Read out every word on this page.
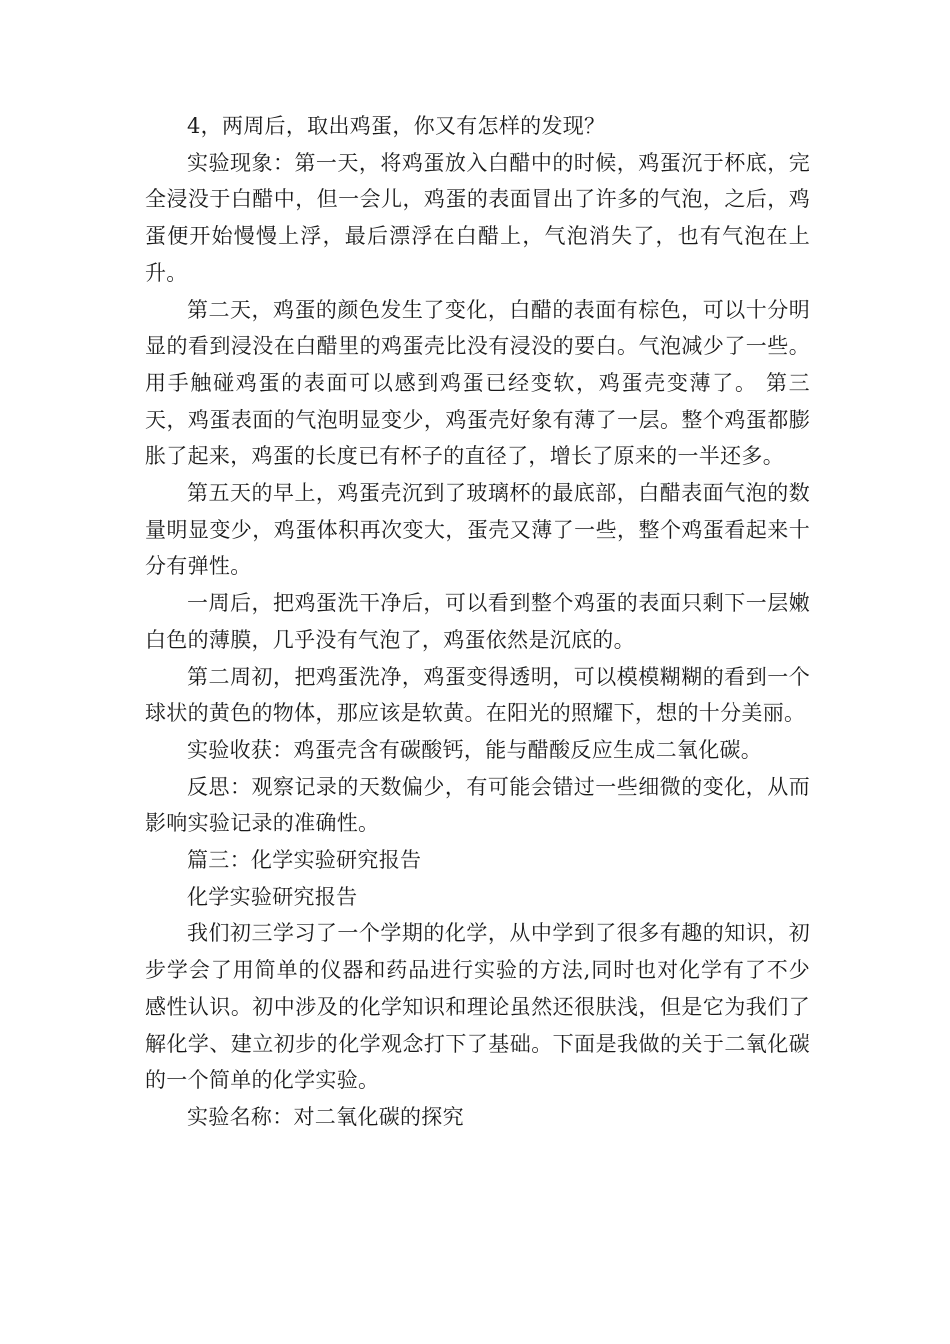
4，两周后，取出鸡蛋，你又有怎样的发现？

实验现象：第一天，将鸡蛋放入白醋中的时候，鸡蛋沉于杯底，完全浸没于白醋中，但一会儿，鸡蛋的表面冒出了许多的气泡，之后，鸡蛋便开始慢慢上浮，最后漂浮在白醋上，气泡消失了，也有气泡在上升。

第二天，鸡蛋的颜色发生了变化，白醋的表面有棕色，可以十分明显的看到浸没在白醋里的鸡蛋壳比没有浸没的要白。气泡减少了一些。用手触碰鸡蛋的表面可以感到鸡蛋已经变软，鸡蛋壳变薄了。 第三天，鸡蛋表面的气泡明显变少，鸡蛋壳好象有薄了一层。整个鸡蛋都膨胀了起来，鸡蛋的长度已有杯子的直径了，增长了原来的一半还多。

第五天的早上，鸡蛋壳沉到了玻璃杯的最底部，白醋表面气泡的数量明显变少，鸡蛋体积再次变大，蛋壳又薄了一些，整个鸡蛋看起来十分有弹性。

一周后，把鸡蛋洗干净后，可以看到整个鸡蛋的表面只剩下一层嫩白色的薄膜，几乎没有气泡了，鸡蛋依然是沉底的。

第二周初，把鸡蛋洗净，鸡蛋变得透明，可以模模糊糊的看到一个球状的黄色的物体，那应该是软黄。在阳光的照耀下，想的十分美丽。

实验收获：鸡蛋壳含有碳酸钙，能与醋酸反应生成二氧化碳。

反思：观察记录的天数偏少，有可能会错过一些细微的变化，从而影响实验记录的准确性。

篇三：化学实验研究报告

化学实验研究报告

我们初三学习了一个学期的化学，从中学到了很多有趣的知识，初步学会了用简单的仪器和药品进行实验的方法,同时也对化学有了不少感性认识。初中涉及的化学知识和理论虽然还很肤浅，但是它为我们了解化学、建立初步的化学观念打下了基础。下面是我做的关于二氧化碳的一个简单的化学实验。

实验名称：对二氧化碳的探究
